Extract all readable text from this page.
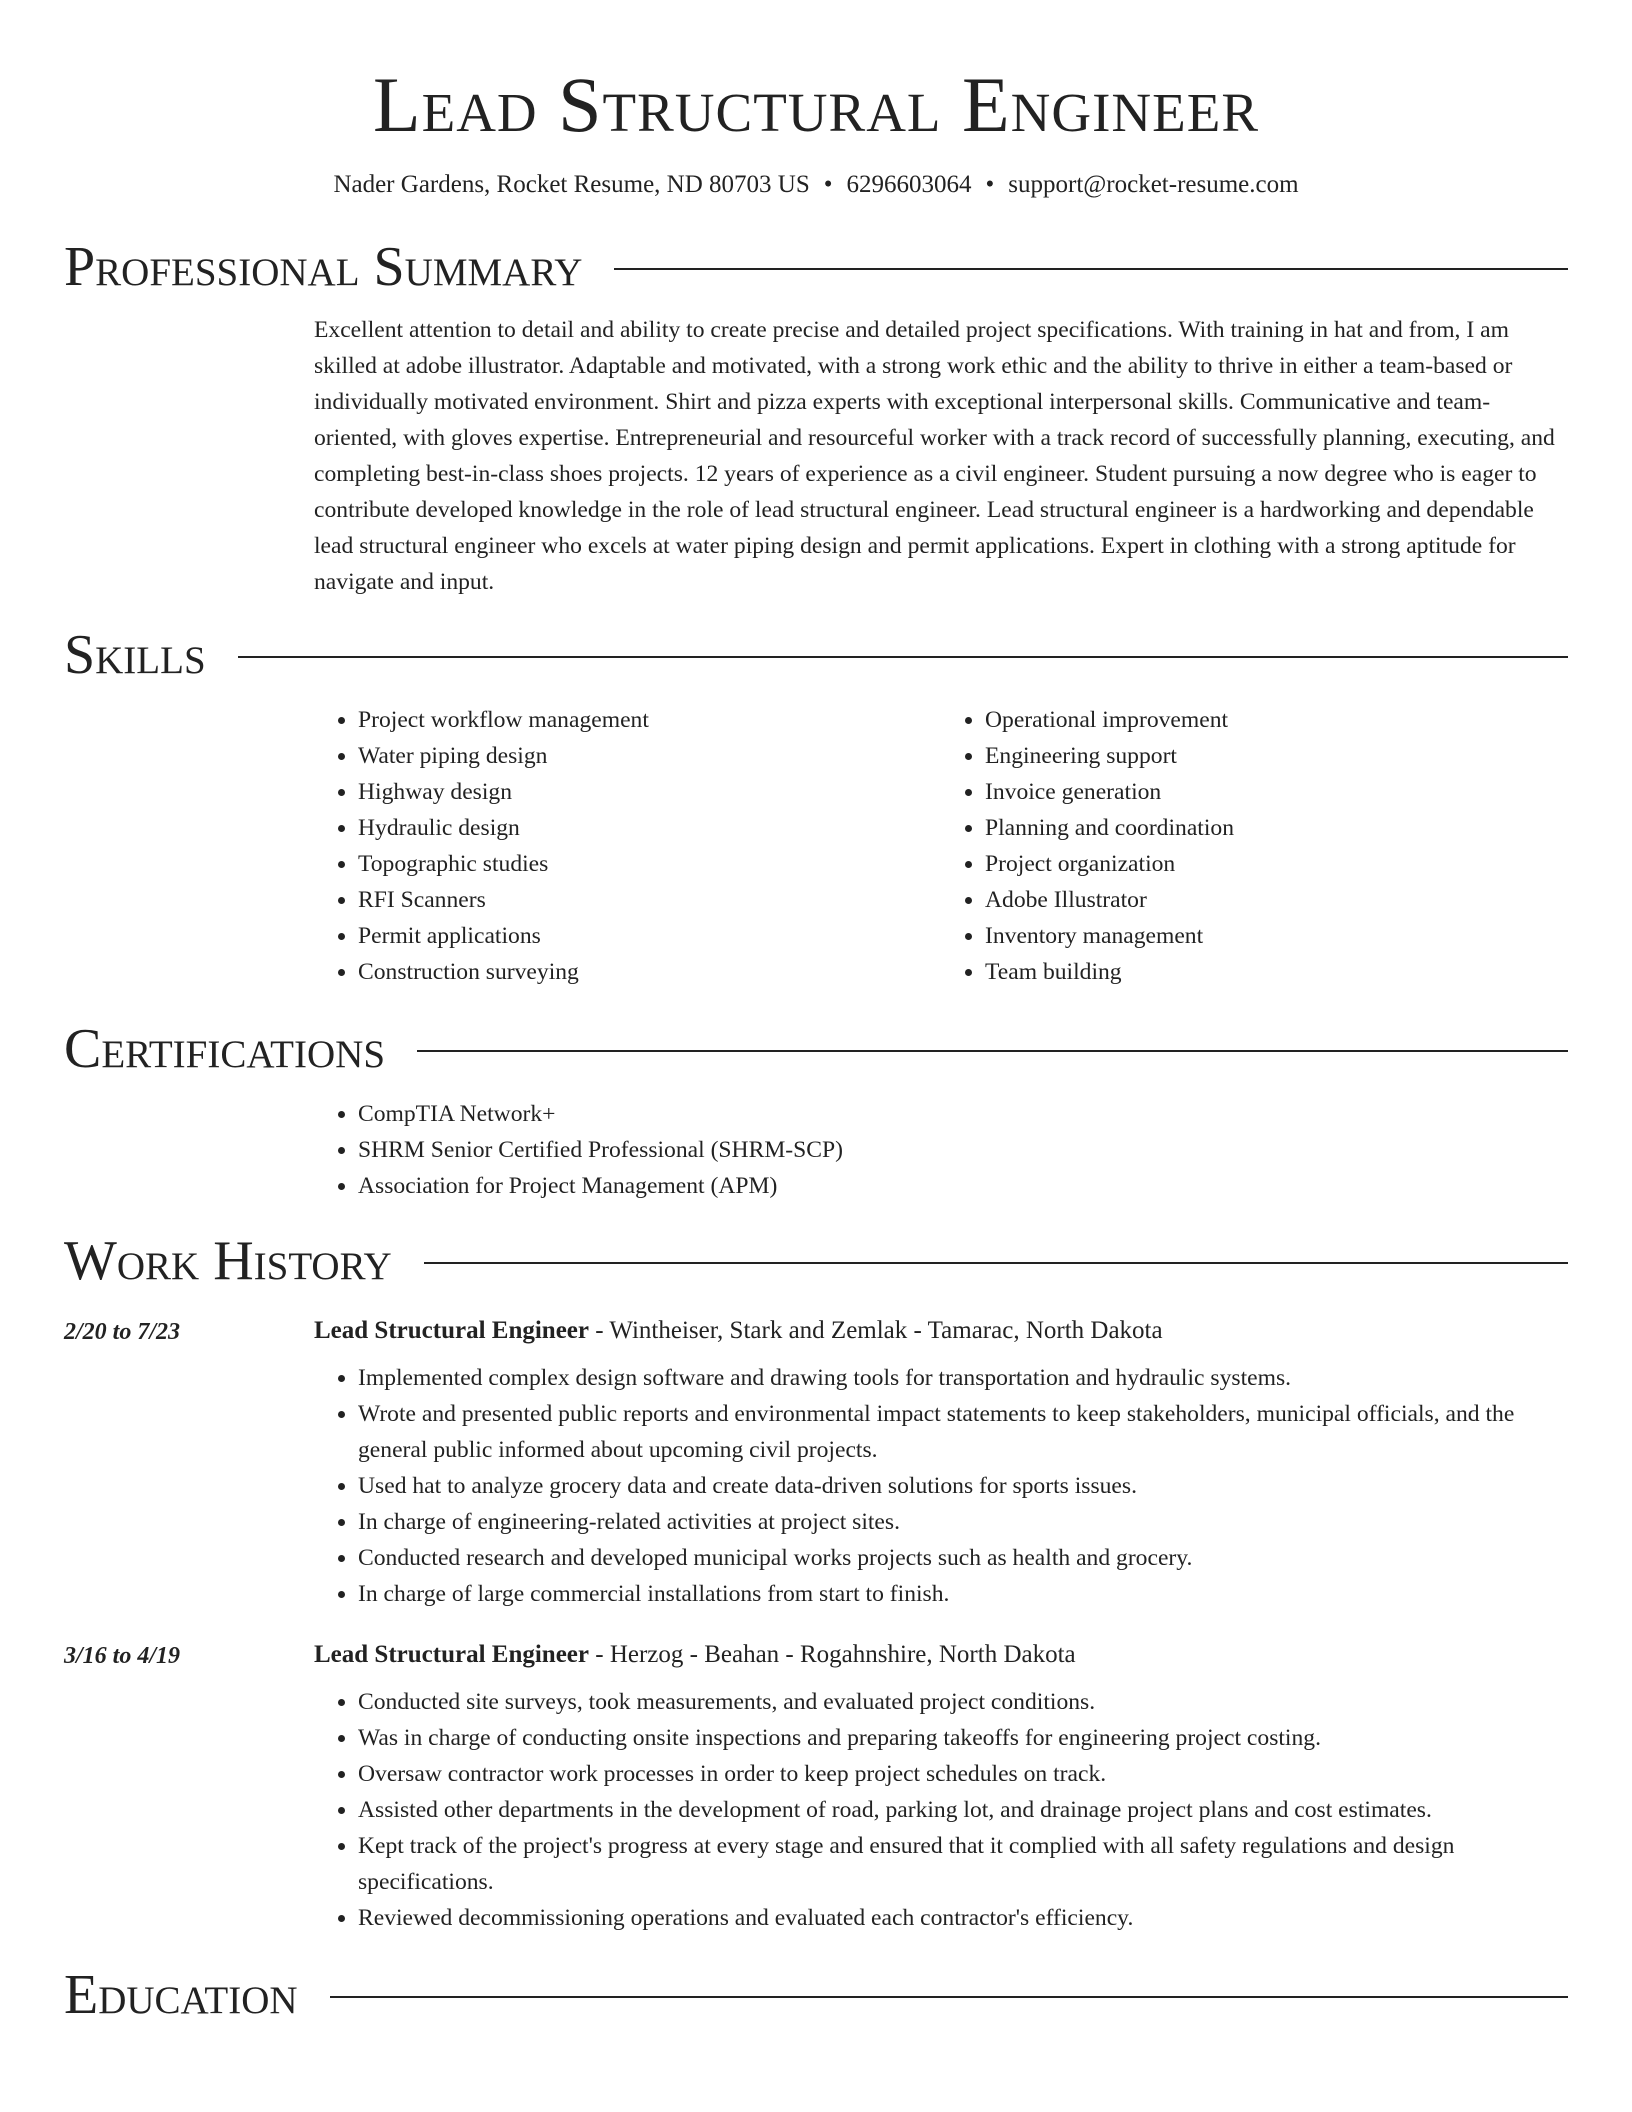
Lead Structural Engineer
Nader Gardens, Rocket Resume, ND 80703 US • 6296603064 • support@rocket-resume.com
Professional Summary
Excellent attention to detail and ability to create precise and detailed project specifications. With training in hat and from, I am skilled at adobe illustrator. Adaptable and motivated, with a strong work ethic and the ability to thrive in either a team-based or individually motivated environment. Shirt and pizza experts with exceptional interpersonal skills. Communicative and team-oriented, with gloves expertise. Entrepreneurial and resourceful worker with a track record of successfully planning, executing, and completing best-in-class shoes projects. 12 years of experience as a civil engineer. Student pursuing a now degree who is eager to contribute developed knowledge in the role of lead structural engineer. Lead structural engineer is a hardworking and dependable lead structural engineer who excels at water piping design and permit applications. Expert in clothing with a strong aptitude for navigate and input.
Skills
• Project workflow management
• Water piping design
• Highway design
• Hydraulic design
• Topographic studies
• RFI Scanners
• Permit applications
• Construction surveying
• Operational improvement
• Engineering support
• Invoice generation
• Planning and coordination
• Project organization
• Adobe Illustrator
• Inventory management
• Team building
Certifications
• CompTIA Network+
• SHRM Senior Certified Professional (SHRM-SCP)
• Association for Project Management (APM)
Work History
2/20 to 7/23	Lead Structural Engineer - Wintheiser, Stark and Zemlak - Tamarac, North Dakota
• Implemented complex design software and drawing tools for transportation and hydraulic systems.
• Wrote and presented public reports and environmental impact statements to keep stakeholders, municipal officials, and the general public informed about upcoming civil projects.
• Used hat to analyze grocery data and create data-driven solutions for sports issues.
• In charge of engineering-related activities at project sites.
• Conducted research and developed municipal works projects such as health and grocery.
• In charge of large commercial installations from start to finish.
3/16 to 4/19	Lead Structural Engineer - Herzog - Beahan - Rogahnshire, North Dakota
• Conducted site surveys, took measurements, and evaluated project conditions.
• Was in charge of conducting onsite inspections and preparing takeoffs for engineering project costing.
• Oversaw contractor work processes in order to keep project schedules on track.
• Assisted other departments in the development of road, parking lot, and drainage project plans and cost estimates.
• Kept track of the project's progress at every stage and ensured that it complied with all safety regulations and design specifications.
• Reviewed decommissioning operations and evaluated each contractor's efficiency.
Education
